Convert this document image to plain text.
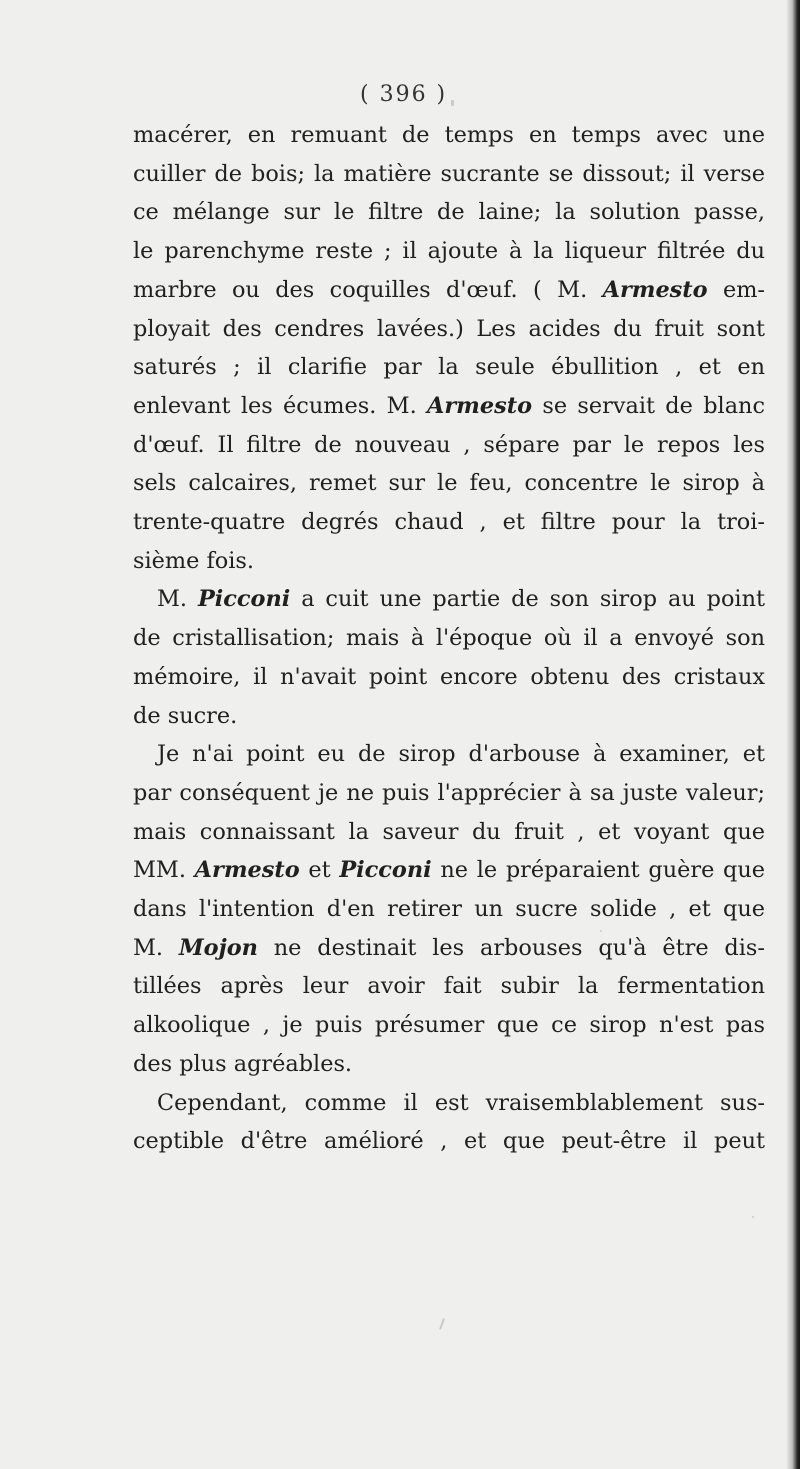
( 396 )
macérer, en remuant de temps en temps avec une
cuiller de bois; la matière sucrante se dissout; il verse
ce mélange sur le filtre de laine; la solution passe,
le parenchyme reste ; il ajoute à la liqueur filtrée du
marbre ou des coquilles d'œuf. ( M. Armesto em-
ployait des cendres lavées.) Les acides du fruit sont
saturés ; il clarifie par la seule ébullition , et en
enlevant les écumes. M. Armesto se servait de blanc
d'œuf. Il filtre de nouveau , sépare par le repos les
sels calcaires, remet sur le feu, concentre le sirop à
trente-quatre degrés chaud , et filtre pour la troi-
sième fois.
M. Picconi a cuit une partie de son sirop au point
de cristallisation; mais à l'époque où il a envoyé son
mémoire, il n'avait point encore obtenu des cristaux
de sucre.
Je n'ai point eu de sirop d'arbouse à examiner, et
par conséquent je ne puis l'apprécier à sa juste valeur;
mais connaissant la saveur du fruit , et voyant que
MM. Armesto et Picconi ne le préparaient guère que
dans l'intention d'en retirer un sucre solide , et que
M. Mojon ne destinait les arbouses qu'à être dis-
tillées après leur avoir fait subir la fermentation
alkoolique , je puis présumer que ce sirop n'est pas
des plus agréables.
Cependant, comme il est vraisemblablement sus-
ceptible d'être amélioré , et que peut-être il peut
